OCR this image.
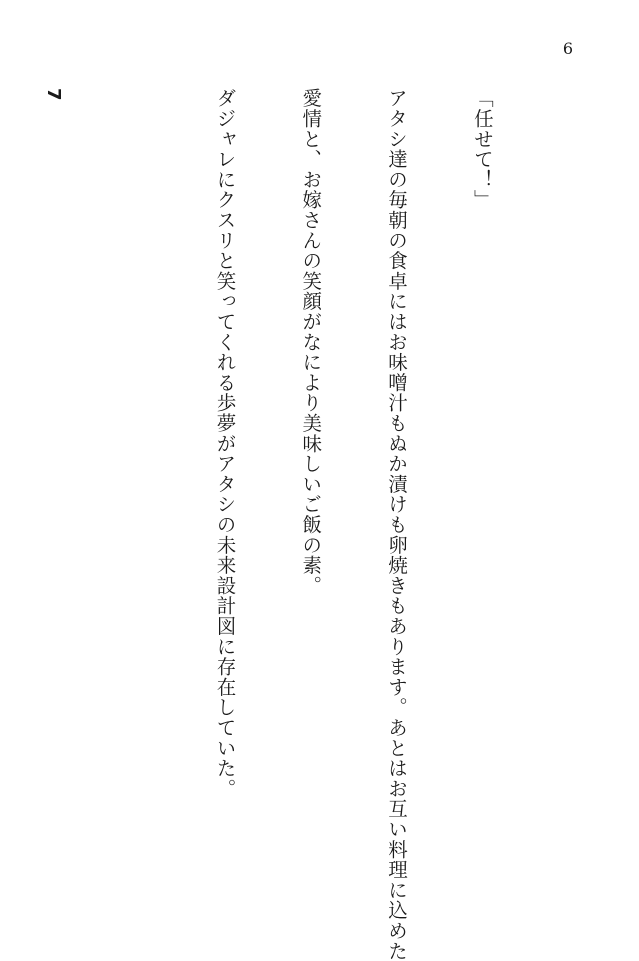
6

「任せて！」

アタシ達の毎朝の食卓にはお味噌汁もぬか漬けも卵焼きもあります。あとはお互い料理に込めた

愛情と、お嫁さんの笑顔がなにより美味しいご飯の素。

ダジャレにクスリと笑ってくれる歩夢がアタシの未来設計図に存在していた。

7
